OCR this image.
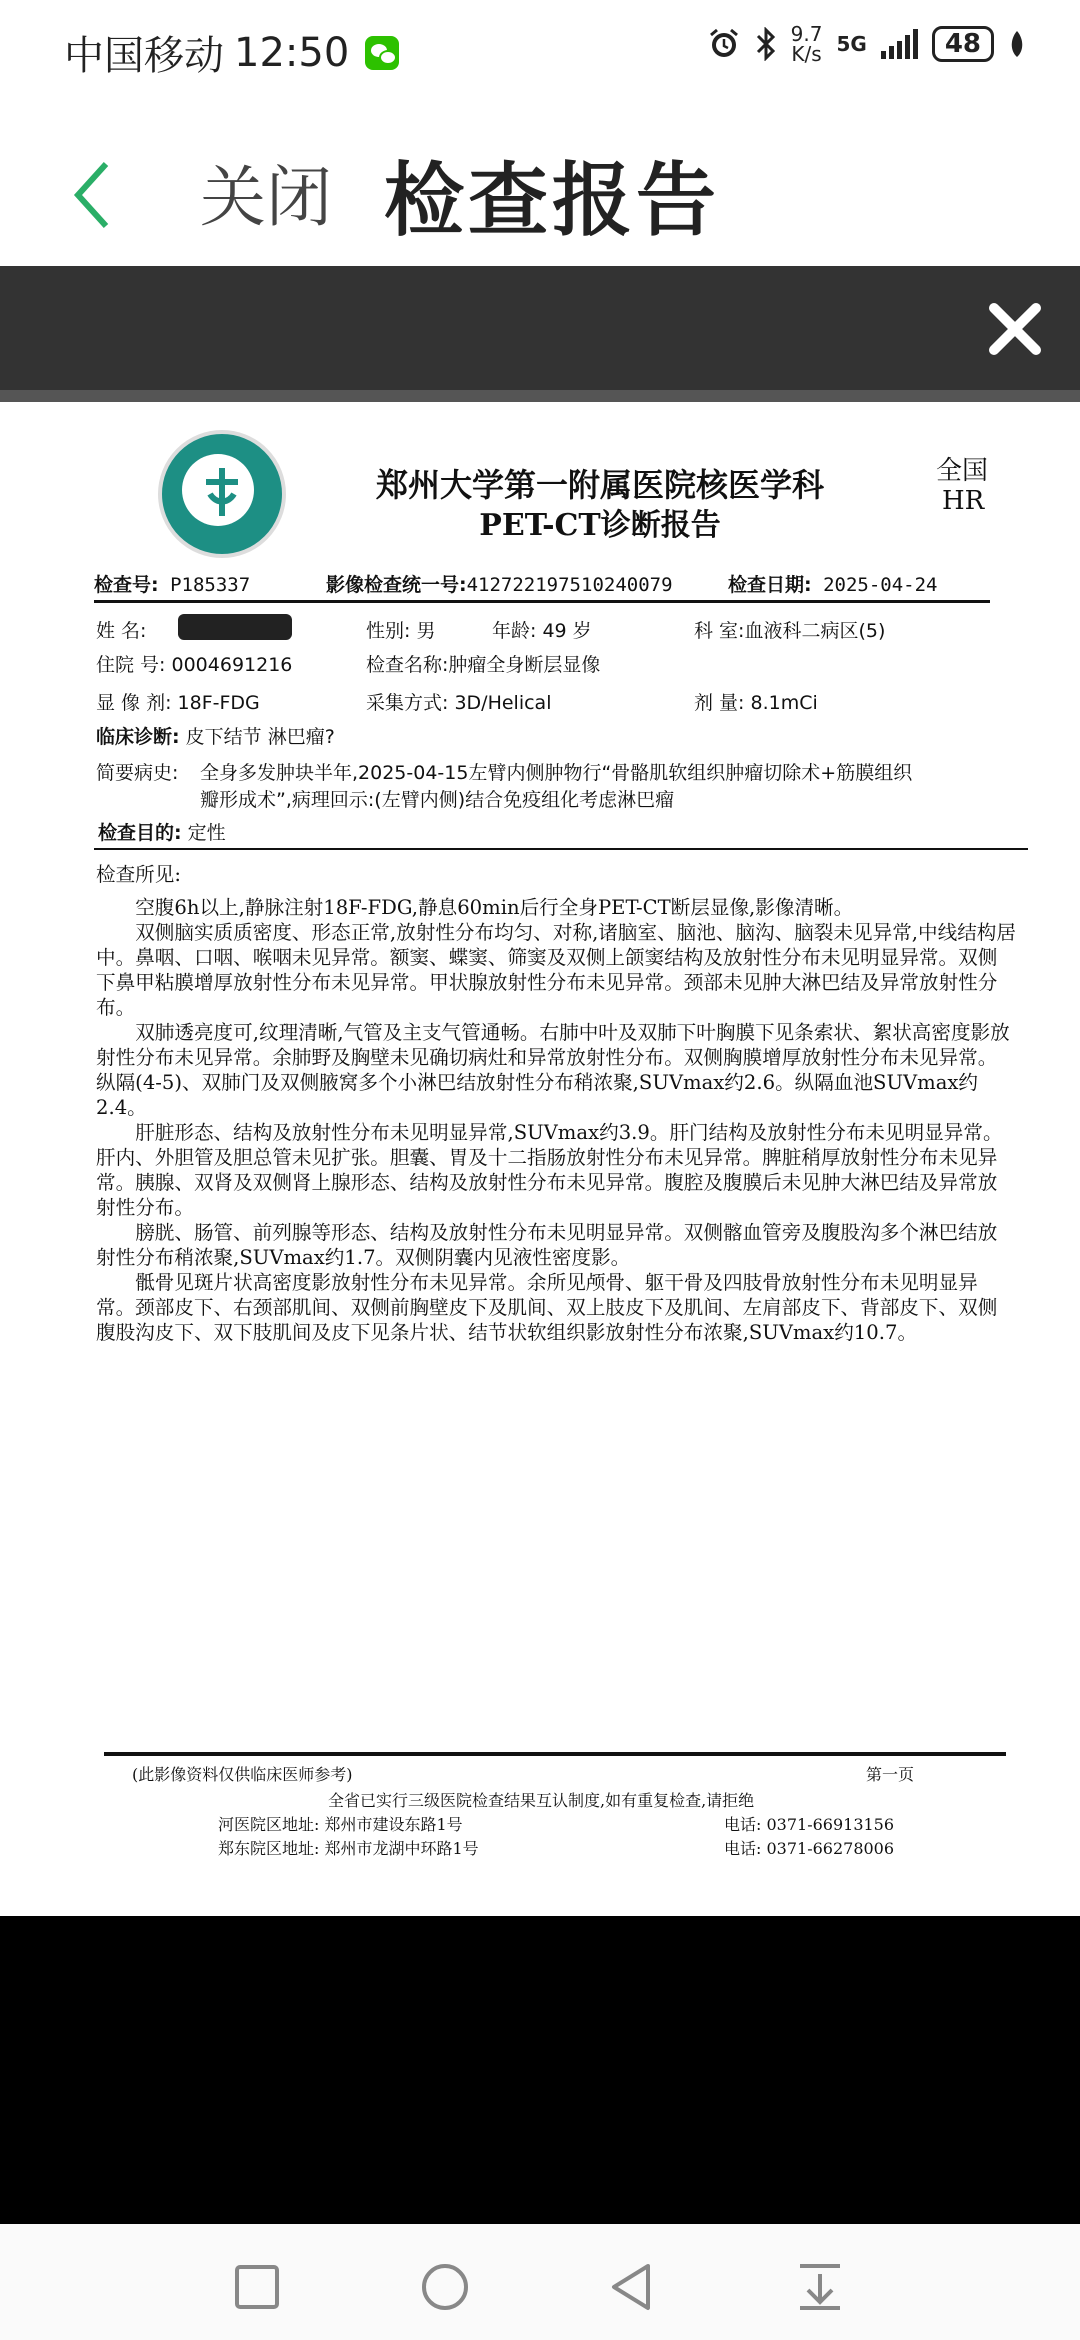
中国移动 12:50	9.7
K/s 5G	48
关闭 检查报告
郑州大学第一附属医院核医学科
PET-CT诊断报告
全国
HR
检查号: P185337	影像检查统一号:412722197510240079	检查日期: 2025-04-24
姓 名:	性别: 男	年龄: 49 岁	科 室:血液科二病区(5)
住院 号: 0004691216	检查名称:肿瘤全身断层显像
显 像 剂: 18F-FDG	采集方式: 3D/Helical	剂 量: 8.1mCi
临床诊断: 皮下结节 淋巴瘤?
简要病史: 全身多发肿块半年,2025-04-15左臂内侧肿物行“骨骼肌软组织肿瘤切除术+筋膜组织
瓣形成术”,病理回示:(左臂内侧)结合免疫组化考虑淋巴瘤
检查目的: 定性

检查所见:

空腹6h以上,静脉注射18F-FDG,静息60min后行全身PET-CT断层显像,影像清晰。

双侧脑实质质密度、形态正常,放射性分布均匀、对称,诸脑室、脑池、脑沟、脑裂未见异常,中线结构居中。鼻咽、口咽、喉咽未见异常。额窦、蝶窦、筛窦及双侧上颌窦结构及放射性分布未见明显异常。双侧下鼻甲粘膜增厚放射性分布未见异常。甲状腺放射性分布未见异常。颈部未见肿大淋巴结及异常放射性分布。

双肺透亮度可,纹理清晰,气管及主支气管通畅。右肺中叶及双肺下叶胸膜下见条索状、絮状高密度影放射性分布未见异常。余肺野及胸壁未见确切病灶和异常放射性分布。双侧胸膜增厚放射性分布未见异常。纵隔(4-5)、双肺门及双侧腋窝多个小淋巴结放射性分布稍浓聚,SUVmax约2.6。纵隔血池SUVmax约2.4。

肝脏形态、结构及放射性分布未见明显异常,SUVmax约3.9。肝门结构及放射性分布未见明显异常。肝内、外胆管及胆总管未见扩张。胆囊、胃及十二指肠放射性分布未见异常。脾脏稍厚放射性分布未见异常。胰腺、双肾及双侧肾上腺形态、结构及放射性分布未见异常。腹腔及腹膜后未见肿大淋巴结及异常放射性分布。

膀胱、肠管、前列腺等形态、结构及放射性分布未见明显异常。双侧髂血管旁及腹股沟多个淋巴结放射性分布稍浓聚,SUVmax约1.7。双侧阴囊内见液性密度影。

骶骨见斑片状高密度影放射性分布未见异常。余所见颅骨、躯干骨及四肢骨放射性分布未见明显异常。颈部皮下、右颈部肌间、双侧前胸壁皮下及肌间、双上肢皮下及肌间、左肩部皮下、背部皮下、双侧腹股沟皮下、双下肢肌间及皮下见条片状、结节状软组织影放射性分布浓聚,SUVmax约10.7。

(此影像资料仅供临床医师参考)	第一页
全省已实行三级医院检查结果互认制度,如有重复检查,请拒绝
河医院区地址: 郑州市建设东路1号	电话: 0371-66913156
郑东院区地址: 郑州市龙湖中环路1号	电话: 0371-66278006
